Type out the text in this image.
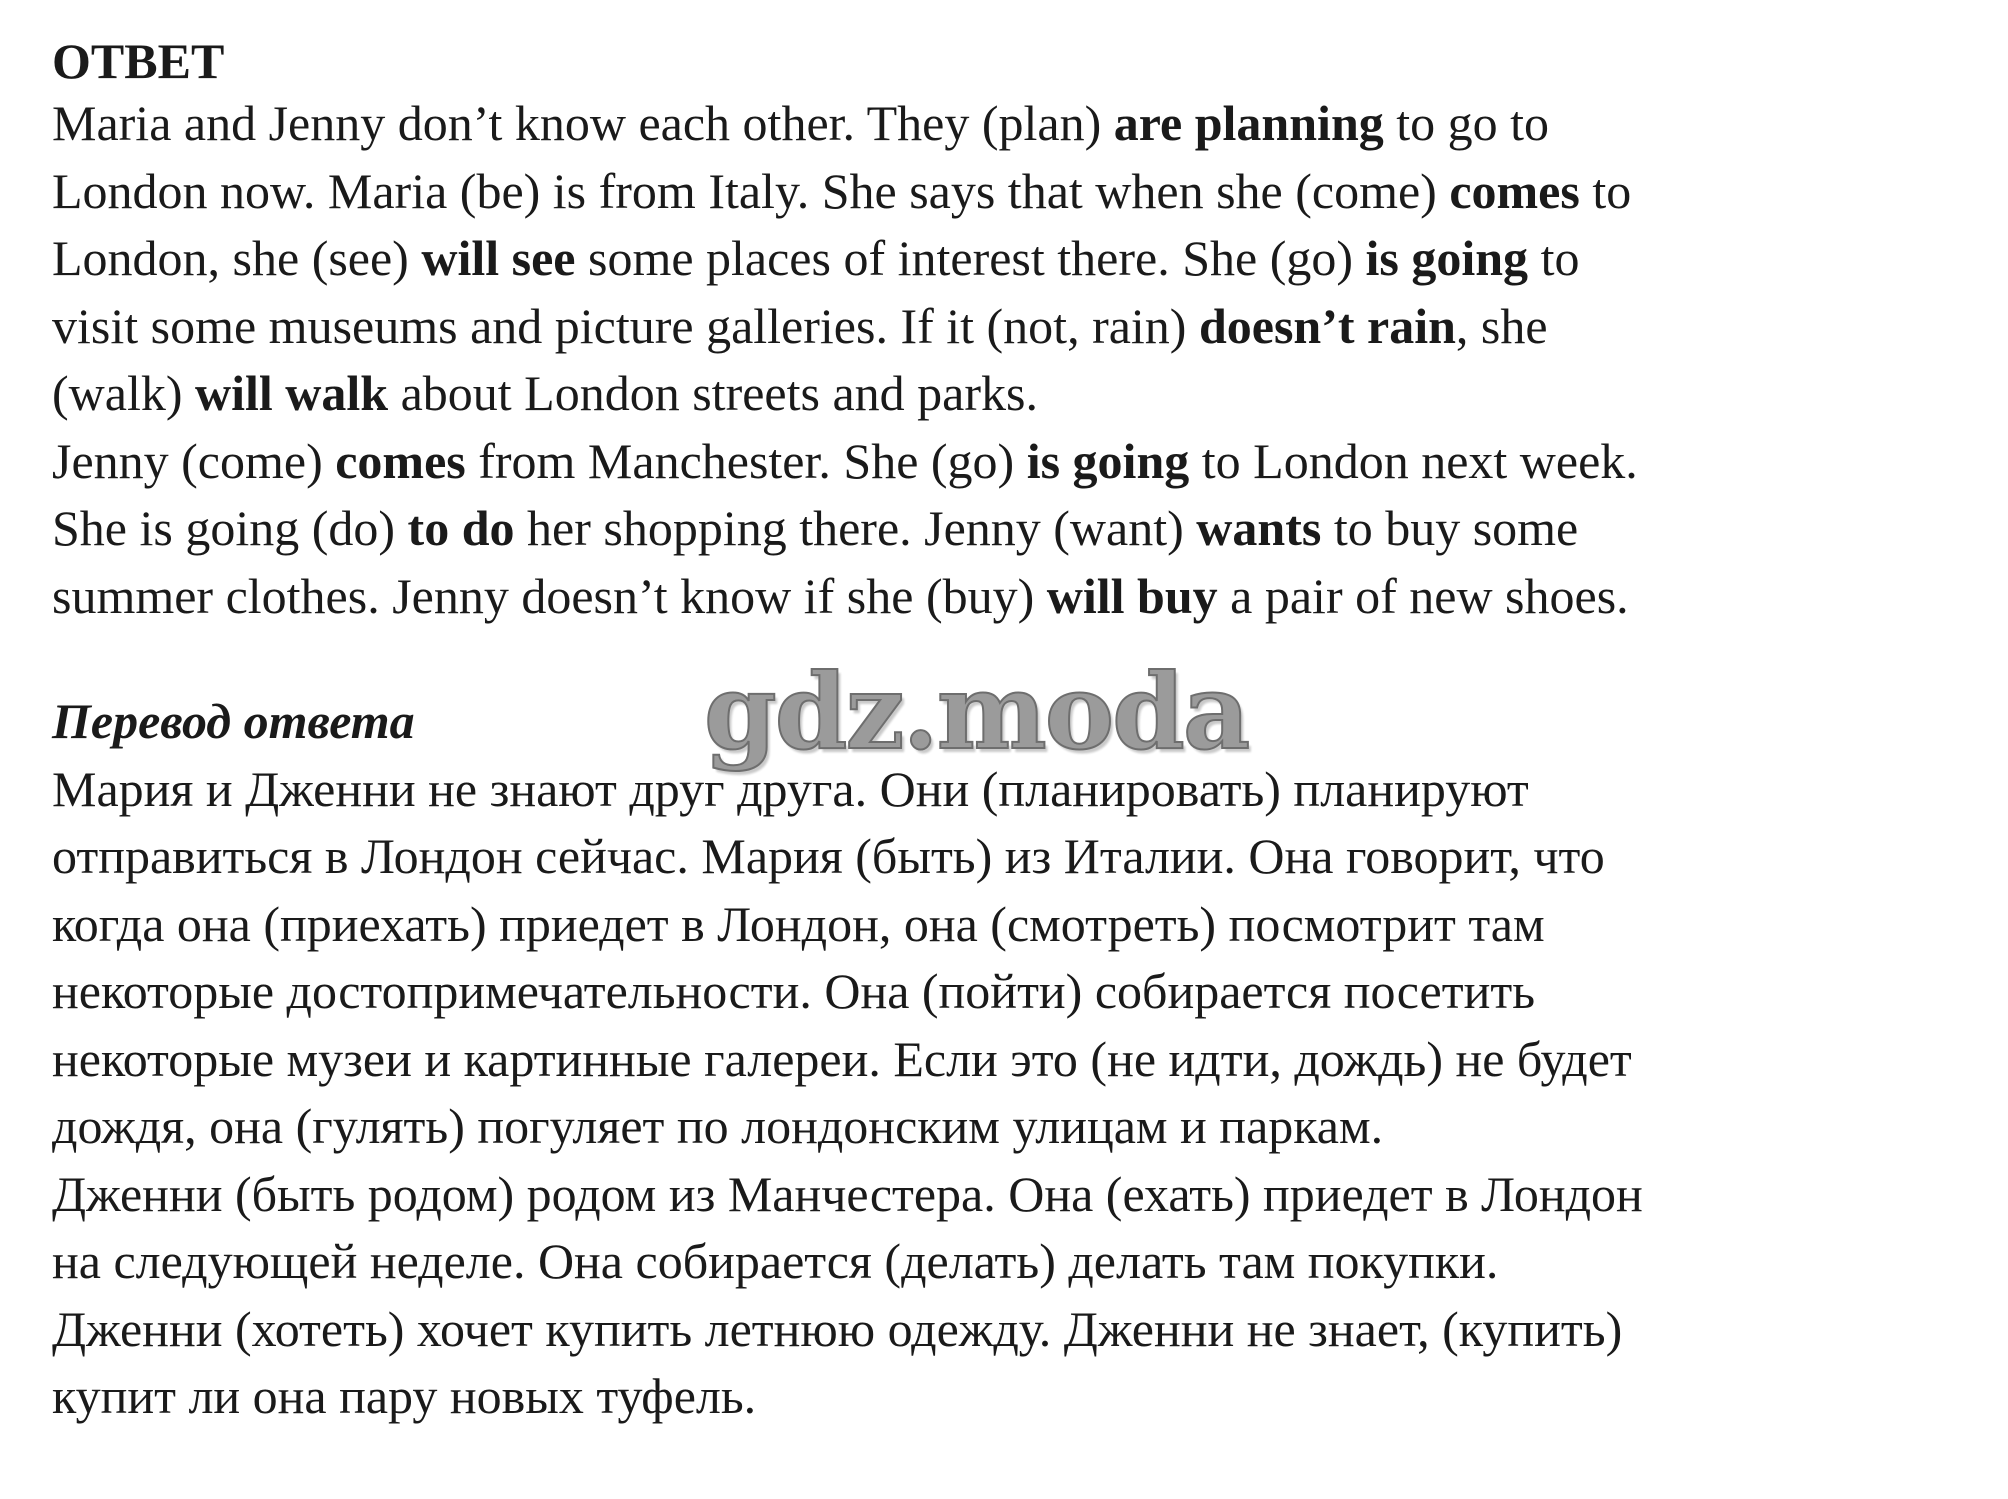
ОТВЕТ

Maria and Jenny don’t know each other. They (plan) are planning to go to
London now. Maria (be) is from Italy. She says that when she (come) comes to
London, she (see) will see some places of interest there. She (go) is going to
visit some museums and picture galleries. If it (not, rain) doesn’t rain, she
(walk) will walk about London streets and parks.
Jenny (come) comes from Manchester. She (go) is going to London next week.
She is going (do) to do her shopping there. Jenny (want) wants to buy some
summer clothes. Jenny doesn’t know if she (buy) will buy a pair of new shoes.

Перевод ответа

Мария и Дженни не знают друг друга. Они (планировать) планируют
отправиться в Лондон сейчас. Мария (быть) из Италии. Она говорит, что
когда она (приехать) приедет в Лондон, она (смотреть) посмотрит там
некоторые достопримечательности. Она (пойти) собирается посетить
некоторые музеи и картинные галереи. Если это (не идти, дождь) не будет
дождя, она (гулять) погуляет по лондонским улицам и паркам.
Дженни (быть родом) родом из Манчестера. Она (ехать) приедет в Лондон
на следующей неделе. Она собирается (делать) делать там покупки.
Дженни (хотеть) хочет купить летнюю одежду. Дженни не знает, (купить)
купит ли она пару новых туфель.

gdz.moda
